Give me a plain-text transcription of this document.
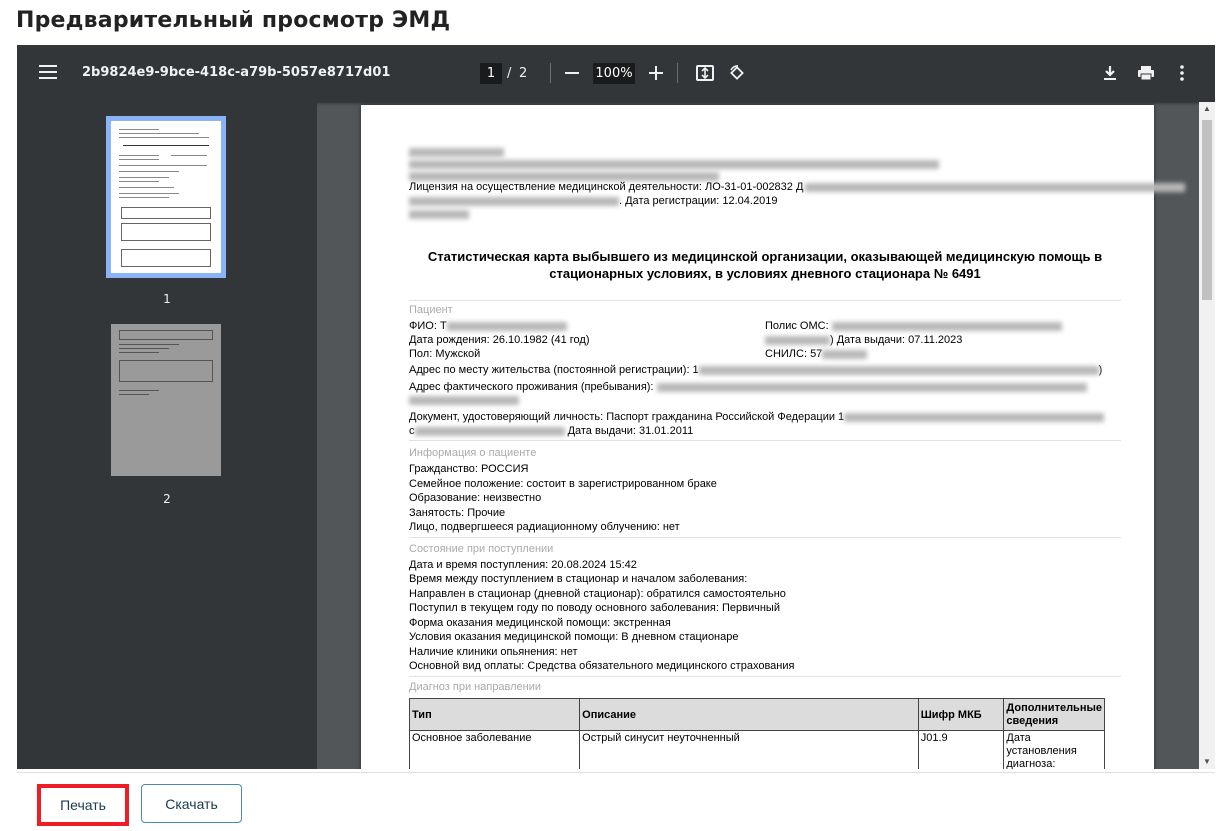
Предварительный просмотр ЭМД
2b9824e9-9bce-418c-a79b-5057e8717d01	1 / 2	100%
1
2
Лицензия на осуществление медицинской деятельности: ЛО-31-01-002832 Д
. Дата регистрации: 12.04.2019
Статистическая карта выбывшего из медицинской организации, оказывающей медицинскую помощь в
стационарных условиях, в условиях дневного стационара № 6491
Пациент
ФИО: Т	Полис ОМС:
Дата рождения: 26.10.1982 (41 год)	) Дата выдачи: 07.11.2023
Пол: Мужской	СНИЛС: 57
Адрес по месту жительства (постоянной регистрации): 1	)
Адрес фактического проживания (пребывания):
Документ, удостоверяющий личность: Паспорт гражданина Российской Федерации 1
с	Дата выдачи: 31.01.2011
Информация о пациенте
Гражданство: РОССИЯ
Семейное положение: состоит в зарегистрированном браке
Образование: неизвестно
Занятость: Прочие
Лицо, подвергшееся радиационному облучению: нет
Состояние при поступлении
Дата и время поступления: 20.08.2024 15:42
Время между поступлением в стационар и началом заболевания:
Направлен в стационар (дневной стационар): обратился самостоятельно
Поступил в текущем году по поводу основного заболевания: Первичный
Форма оказания медицинской помощи: экстренная
Условия оказания медицинской помощи: В дневном стационаре
Наличие клиники опьянения: нет
Основной вид оплаты: Средства обязательного медицинского страхования
Диагноз при направлении
Тип	Описание	Шифр МКБ	Дополнительные сведения
Основное заболевание	Острый синусит неуточненный	J01.9	Дата установления диагноза:
▲
▼
Печать	Скачать
